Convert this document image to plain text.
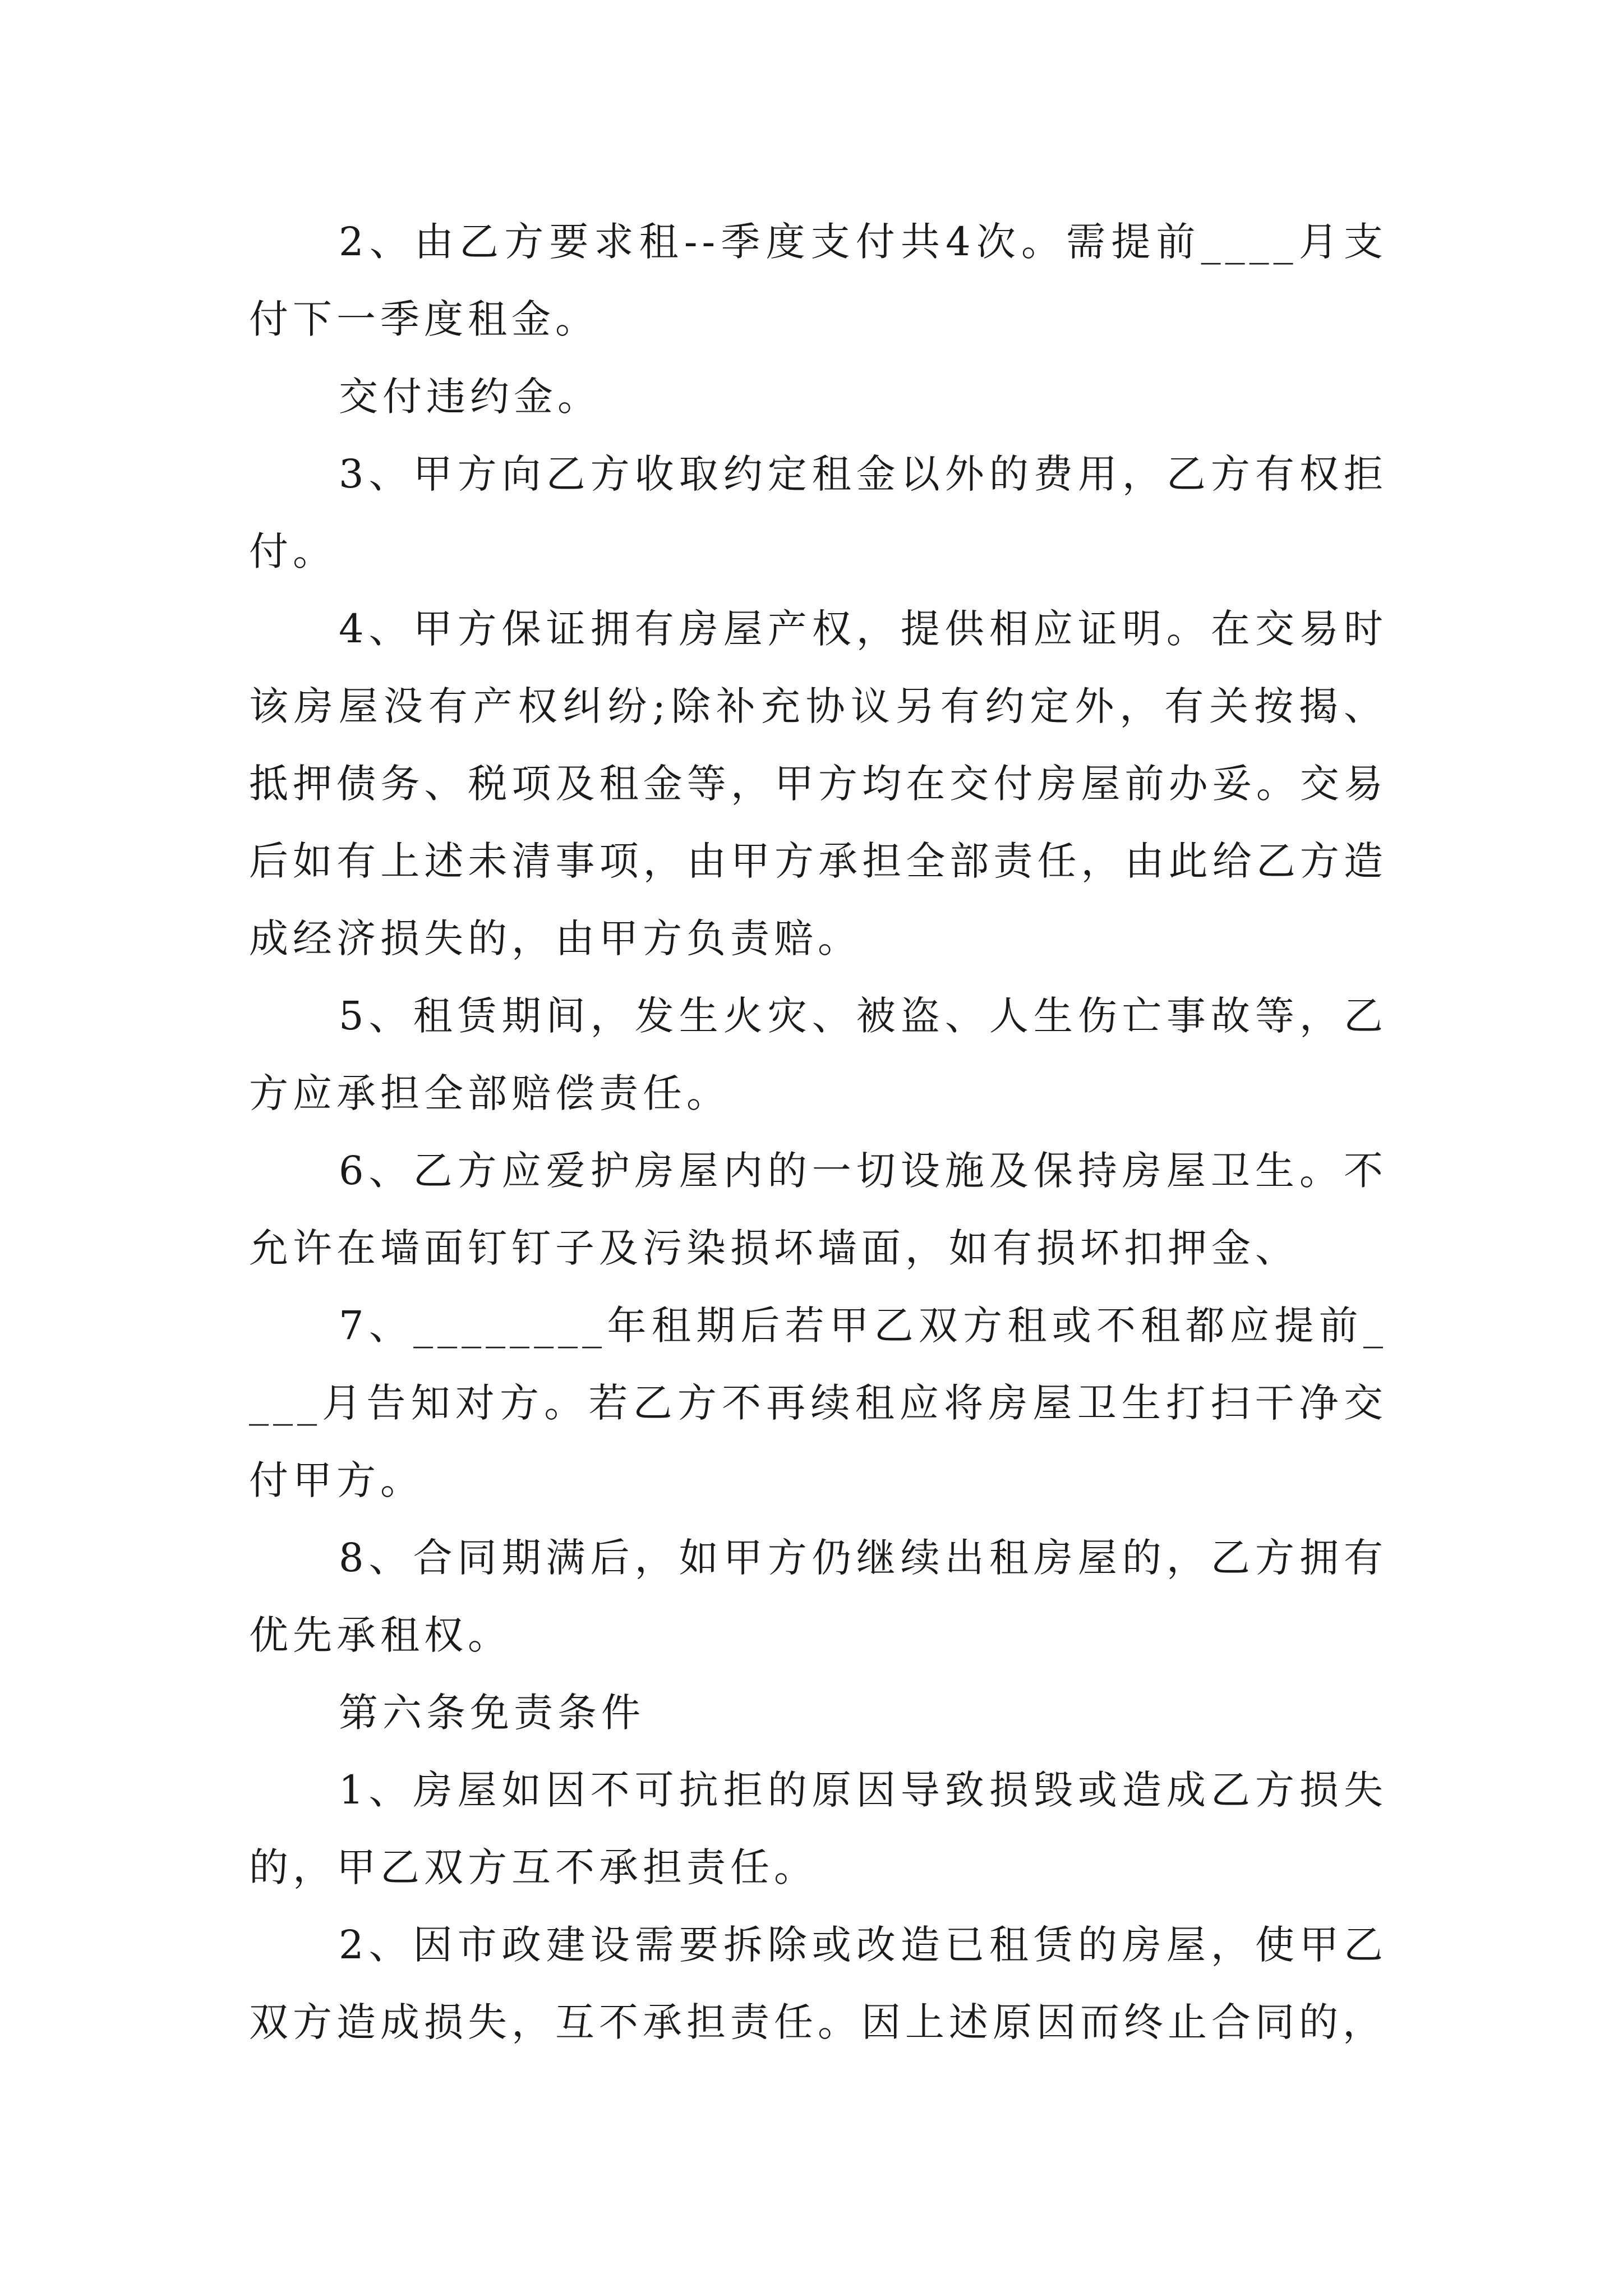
2、由乙方要求租--季度支付共4次。需提前____月支付下一季度租金。

交付违约金。

3、甲方向乙方收取约定租金以外的费用，乙方有权拒付。

4、甲方保证拥有房屋产权，提供相应证明。在交易时该房屋没有产权纠纷;除补充协议另有约定外，有关按揭、抵押债务、税项及租金等，甲方均在交付房屋前办妥。交易后如有上述未清事项，由甲方承担全部责任，由此给乙方造成经济损失的，由甲方负责赔。

5、租赁期间，发生火灾、被盗、人生伤亡事故等，乙方应承担全部赔偿责任。

6、乙方应爱护房屋内的一切设施及保持房屋卫生。不允许在墙面钉钉子及污染损坏墙面，如有损坏扣押金、

7、________年租期后若甲乙双方租或不租都应提前____月告知对方。若乙方不再续租应将房屋卫生打扫干净交付甲方。

8、合同期满后，如甲方仍继续出租房屋的，乙方拥有优先承租权。

第六条免责条件

1、房屋如因不可抗拒的原因导致损毁或造成乙方损失的，甲乙双方互不承担责任。

2、因市政建设需要拆除或改造已租赁的房屋，使甲乙双方造成损失，互不承担责任。因上述原因而终止合同的，
